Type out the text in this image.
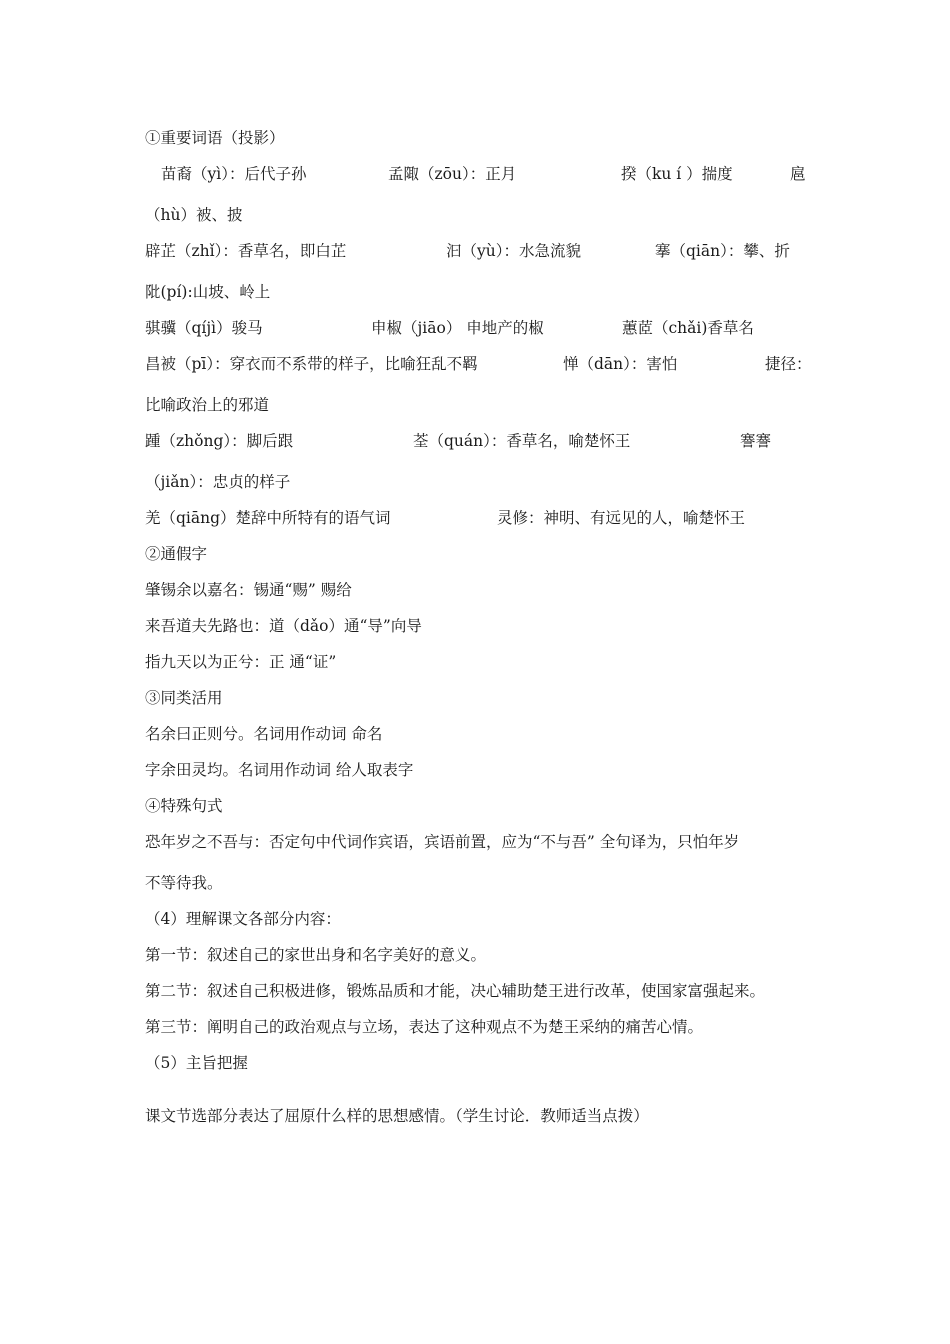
①重要词语（投影）
苗裔（yì）：后代子孙	孟陬（zōu）：正月	揆（ku í ）揣度	扈
（hù）被、披
辟芷（zhǐ）：香草名，即白芷	汩（yù）：水急流貌	搴（qiān）：攀、折
阰(pí):山坡、岭上
骐骥（qíjì）骏马	申椒（jiāo） 申地产的椒	蕙茝（chǎi)香草名
昌被（pī）：穿衣而不系带的样子，比喻狂乱不羁	惮（dān）：害怕	捷径：
比喻政治上的邪道
踵（zhǒng）：脚后跟	荃（quán）：香草名，喻楚怀王	謇謇
（jiǎn）：忠贞的样子
羌（qiāng）楚辞中所特有的语气词	灵修：神明、有远见的人，喻楚怀王
②通假字
肇锡余以嘉名：锡通“赐” 赐给
来吾道夫先路也：道（dǎo）通“导”向导
指九天以为正兮：正 通“证”
③同类活用
名余曰正则兮。名词用作动词 命名
字余田灵均。名词用作动词 给人取表字
④特殊句式
恐年岁之不吾与：否定句中代词作宾语，宾语前置，应为“不与吾” 全句译为，只怕年岁
不等待我。
（4）理解课文各部分内容：
第一节：叙述自己的家世出身和名字美好的意义。
第二节：叙述自己积极进修，锻炼品质和才能，决心辅助楚王进行改革，使国家富强起来。
第三节：阐明自己的政治观点与立场，表达了这种观点不为楚王采纳的痛苦心情。
（5）主旨把握
课文节选部分表达了屈原什么样的思想感情。（学生讨论．教师适当点拨）
